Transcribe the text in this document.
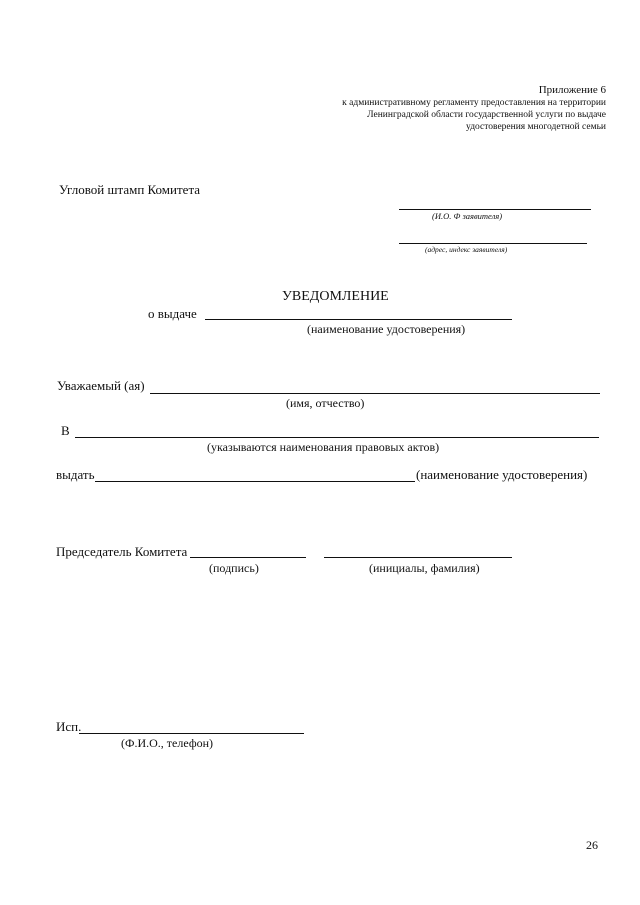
Приложение 6
к административному регламенту предоставления на территории
Ленинградской области государственной услуги по выдаче
удостоверения многодетной семьи
Угловой штамп Комитета
(И.О. Ф заявителя)
(адрес, индекс заявителя)
УВЕДОМЛЕНИЕ
о выдаче
(наименование удостоверения)
Уважаемый (ая)
(имя, отчество)
В
(указываются наименования правовых актов)
выдать	(наименование удостоверения)
Председатель Комитета
(подпись)	(инициалы, фамилия)
Исп.
(Ф.И.О., телефон)
26
